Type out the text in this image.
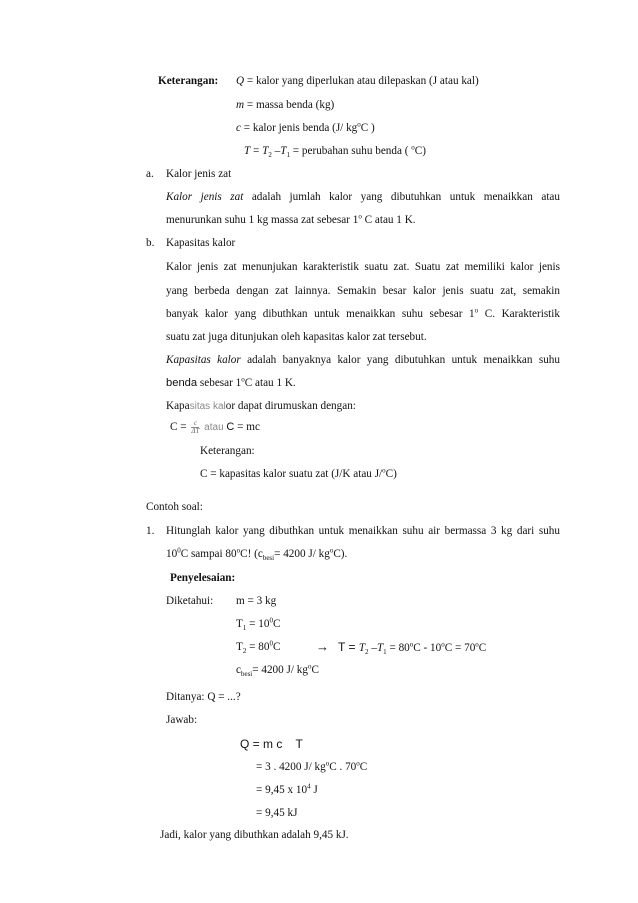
Keterangan: Q = kalor yang diperlukan atau dilepaskan (J atau kal)
m = massa benda (kg)
c = kalor jenis benda (J/ $kg^oC$ )
$T = T_2$ $-T_1$ = perubahan suhu benda ( $^o$C)
a. Kalor jenis zat
Kalor jenis zat adalah jumlah kalor yang dibutuhkan untuk menaikkan atau
menurunkan suhu 1 kg massa zat sebesar 1$^o$ C atau 1 K.
b. Kapasitas kalor
Kalor jenis zat menunjukan karakteristik suatu zat. Suatu zat memiliki kalor jenis
yang berbeda dengan zat lainnya. Semakin besar kalor jenis suatu zat, semakin
banyak kalor yang dibuthkan untuk menaikkan suhu sebesar 1$^o$ C. Karakteristik
suatu zat juga ditunjukan oleh kapasitas kalor zat tersebut.
Kapasitas kalor adalah banyaknya kalor yang dibutuhkan untuk menaikkan suhu
benda sebesar 1$^o$C atau 1 K.
Kapasitas kalor dapat dirumuskan dengan:
$C = \frac{c}{\Delta T}$ atau C = mc
Keterangan:
C = kapasitas kalor suatu zat (J/K atau J/$^o$C)
Contoh soal:
1. Hitunglah kalor yang dibuthkan untuk menaikkan suhu air bermassa 3 kg dari suhu
$10^0C$ sampai 80$^o$C! ($c_{besi}= 4200$ J/ $kg^oC$).
Penyelesaian:
Diketahui: m = 3 kg
$T_1 = 10^0C$
$T_2 = 80^0C$	→ $T = T_2$ $-T_1 = 80^oC - 10^oC = 70^oC$
$c_{besi}= 4200$ J/ $kg^oC$
Ditanya: Q = ...?
Jawab:
Q = m c    T
= 3 . 4200 J/ $kg^oC$ . $70^oC$
= 9,45 x $10^4$ J
= 9,45 kJ
Jadi, kalor yang dibuthkan adalah 9,45 kJ.
